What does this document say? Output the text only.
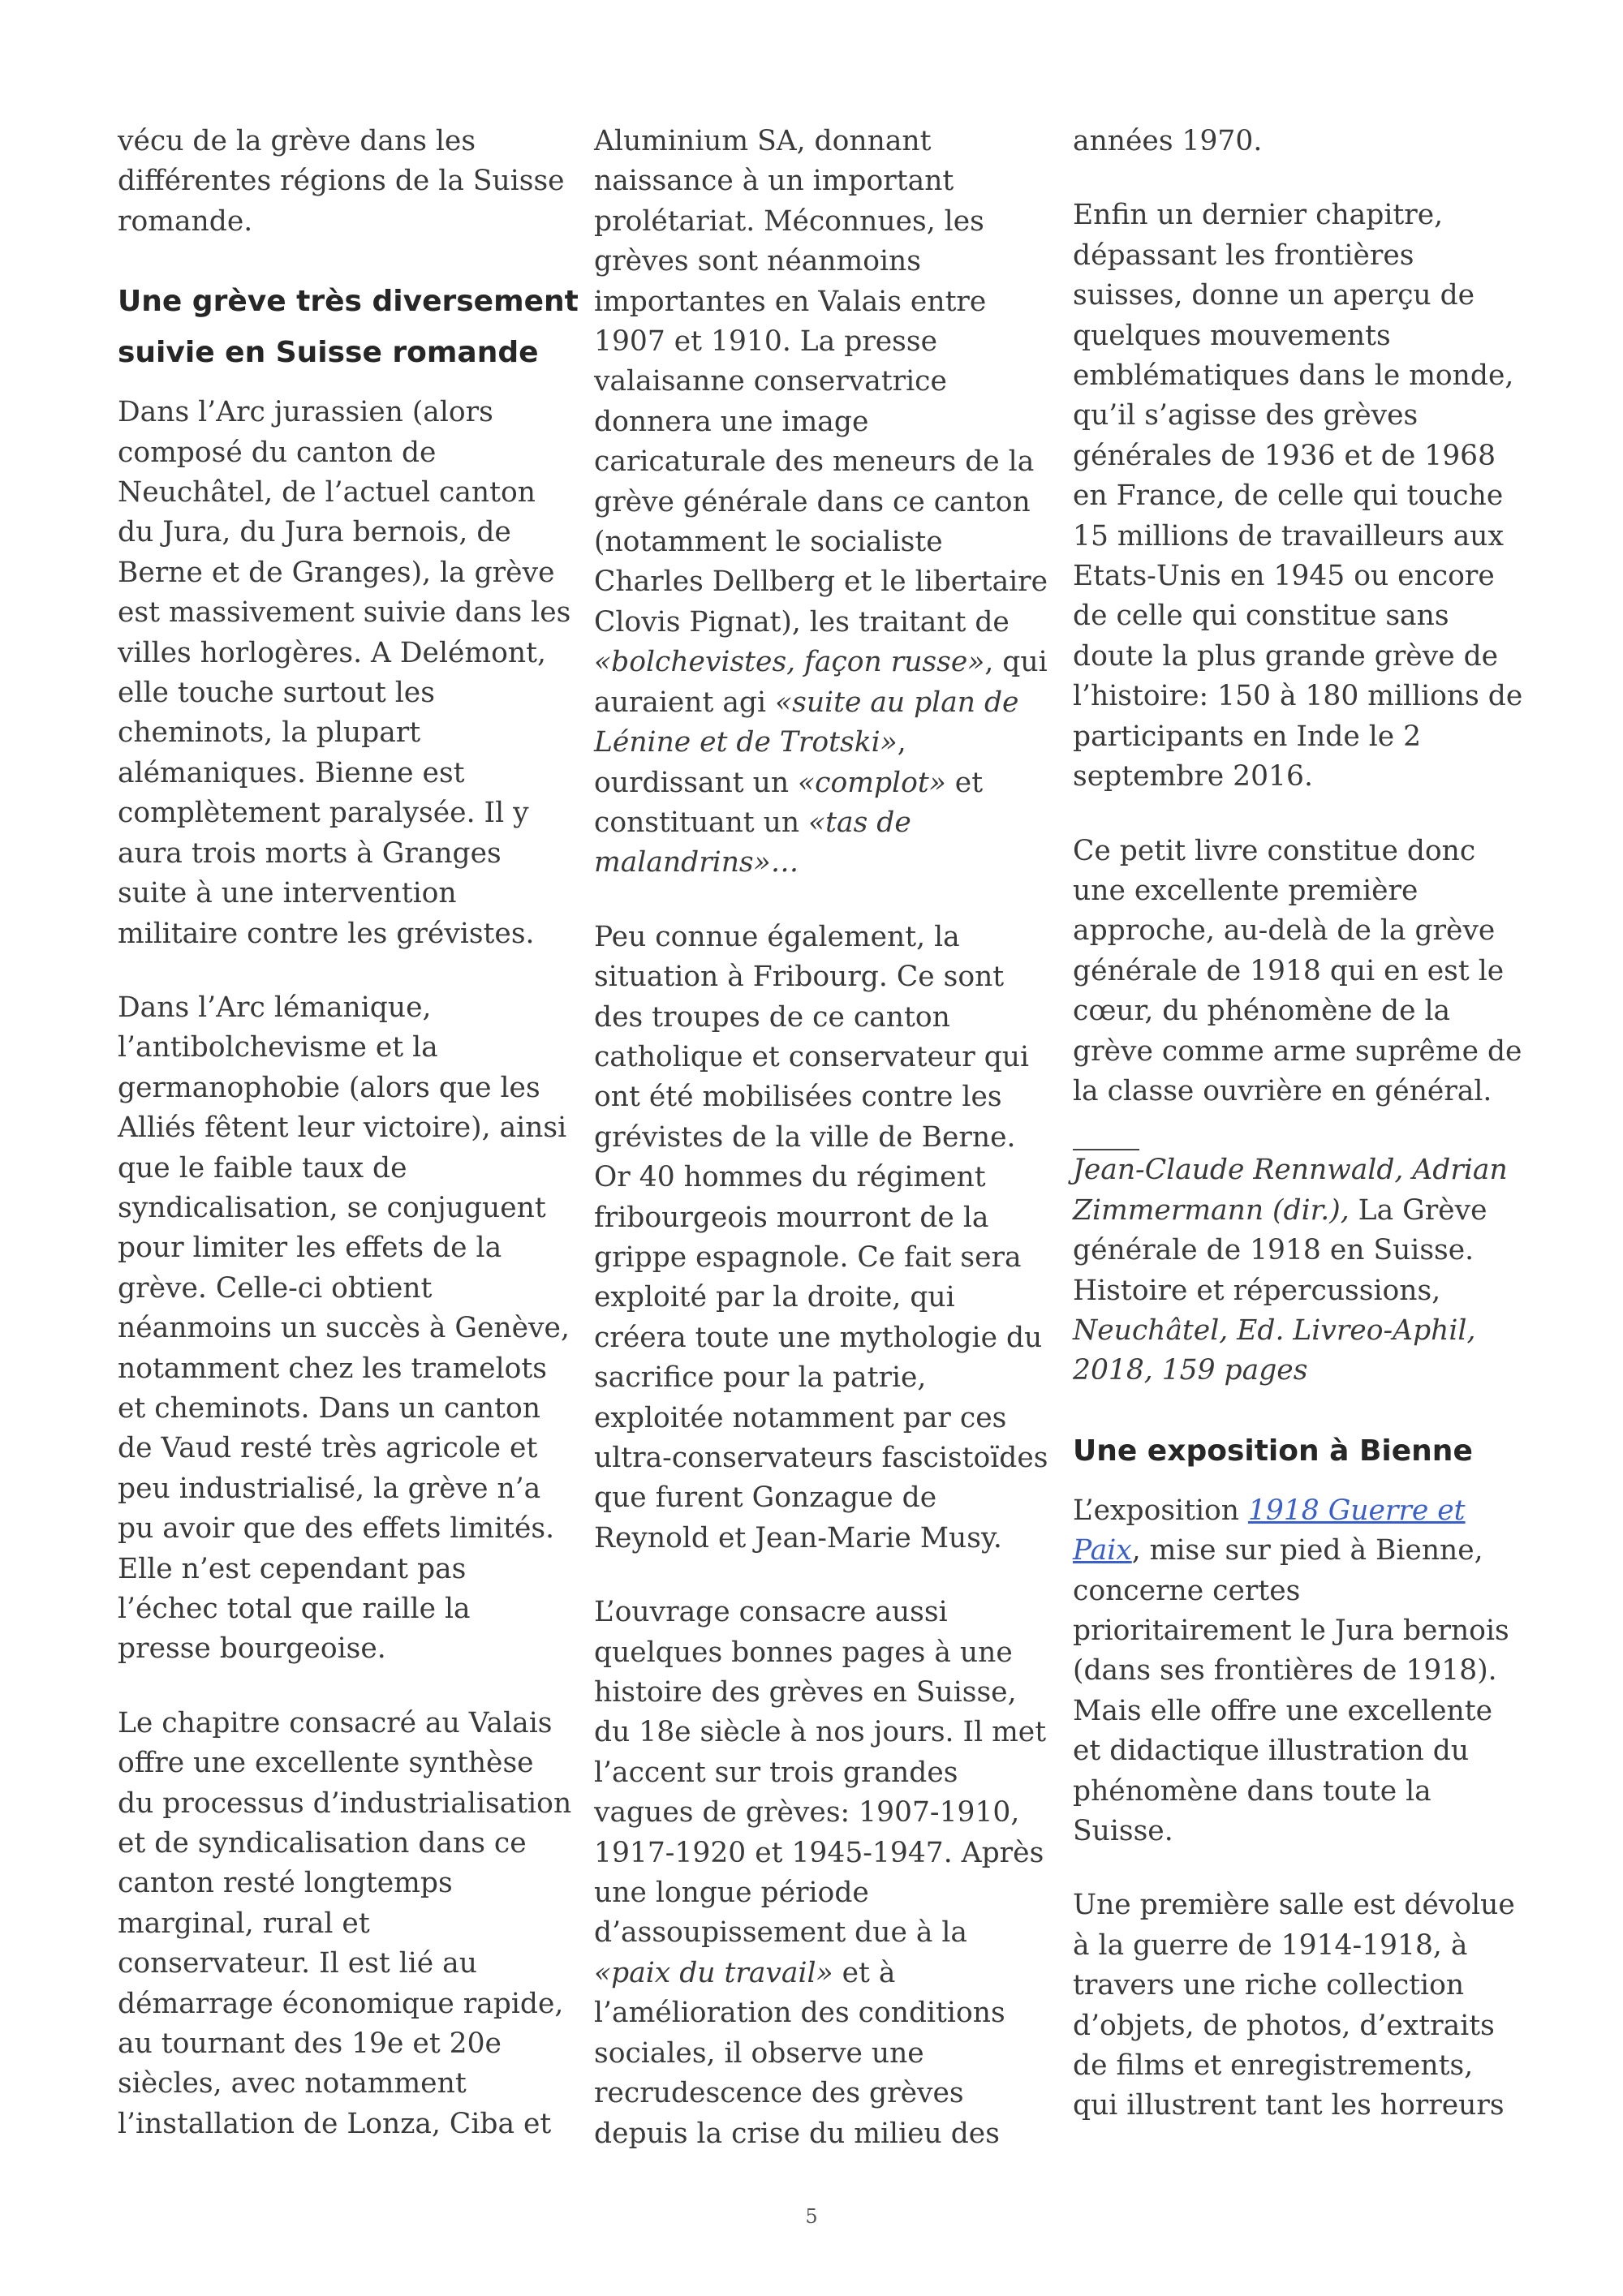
vécu de la grève dans les
différentes régions de la Suisse
romande.

Une grève très diversement
suivie en Suisse romande

Dans l’Arc jurassien (alors
composé du canton de
Neuchâtel, de l’actuel canton
du Jura, du Jura bernois, de
Berne et de Granges), la grève
est massivement suivie dans les
villes horlogères. A Delémont,
elle touche surtout les
cheminots, la plupart
alémaniques. Bienne est
complètement paralysée. Il y
aura trois morts à Granges
suite à une intervention
militaire contre les grévistes.

Dans l’Arc lémanique,
l’antibolchevisme et la
germanophobie (alors que les
Alliés fêtent leur victoire), ainsi
que le faible taux de
syndicalisation, se conjuguent
pour limiter les effets de la
grève. Celle-ci obtient
néanmoins un succès à Genève,
notamment chez les tramelots
et cheminots. Dans un canton
de Vaud resté très agricole et
peu industrialisé, la grève n’a
pu avoir que des effets limités.
Elle n’est cependant pas
l’échec total que raille la
presse bourgeoise.

Le chapitre consacré au Valais
offre une excellente synthèse
du processus d’industrialisation
et de syndicalisation dans ce
canton resté longtemps
marginal, rural et
conservateur. Il est lié au
démarrage économique rapide,
au tournant des 19e et 20e
siècles, avec notamment
l’installation de Lonza, Ciba et

Aluminium SA, donnant
naissance à un important
prolétariat. Méconnues, les
grèves sont néanmoins
importantes en Valais entre
1907 et 1910. La presse
valaisanne conservatrice
donnera une image
caricaturale des meneurs de la
grève générale dans ce canton
(notamment le socialiste
Charles Dellberg et le libertaire
Clovis Pignat), les traitant de
«bolchevistes, façon russe», qui
auraient agi «suite au plan de
Lénine et de Trotski»,
ourdissant un «complot» et
constituant un «tas de
malandrins»…

Peu connue également, la
situation à Fribourg. Ce sont
des troupes de ce canton
catholique et conservateur qui
ont été mobilisées contre les
grévistes de la ville de Berne.
Or 40 hommes du régiment
fribourgeois mourront de la
grippe espagnole. Ce fait sera
exploité par la droite, qui
créera toute une mythologie du
sacrifice pour la patrie,
exploitée notamment par ces
ultra-conservateurs fascistoïdes
que furent Gonzague de
Reynold et Jean-Marie Musy.

L’ouvrage consacre aussi
quelques bonnes pages à une
histoire des grèves en Suisse,
du 18e siècle à nos jours. Il met
l’accent sur trois grandes
vagues de grèves: 1907-1910,
1917-1920 et 1945-1947. Après
une longue période
d’assoupissement due à la
«paix du travail» et à
l’amélioration des conditions
sociales, il observe une
recrudescence des grèves
depuis la crise du milieu des

années 1970.

Enfin un dernier chapitre,
dépassant les frontières
suisses, donne un aperçu de
quelques mouvements
emblématiques dans le monde,
qu’il s’agisse des grèves
générales de 1936 et de 1968
en France, de celle qui touche
15 millions de travailleurs aux
Etats-Unis en 1945 ou encore
de celle qui constitue sans
doute la plus grande grève de
l’histoire: 150 à 180 millions de
participants en Inde le 2
septembre 2016.

Ce petit livre constitue donc
une excellente première
approche, au-delà de la grève
générale de 1918 qui en est le
cœur, du phénomène de la
grève comme arme suprême de
la classe ouvrière en général.

Jean-Claude Rennwald, Adrian
Zimmermann (dir.), La Grève
générale de 1918 en Suisse.
Histoire et répercussions,
Neuchâtel, Ed. Livreo-Aphil,
2018, 159 pages

Une exposition à Bienne

L’exposition 1918 Guerre et
Paix, mise sur pied à Bienne,
concerne certes
prioritairement le Jura bernois
(dans ses frontières de 1918).
Mais elle offre une excellente
et didactique illustration du
phénomène dans toute la
Suisse.

Une première salle est dévolue
à la guerre de 1914-1918, à
travers une riche collection
d’objets, de photos, d’extraits
de films et enregistrements,
qui illustrent tant les horreurs

5
